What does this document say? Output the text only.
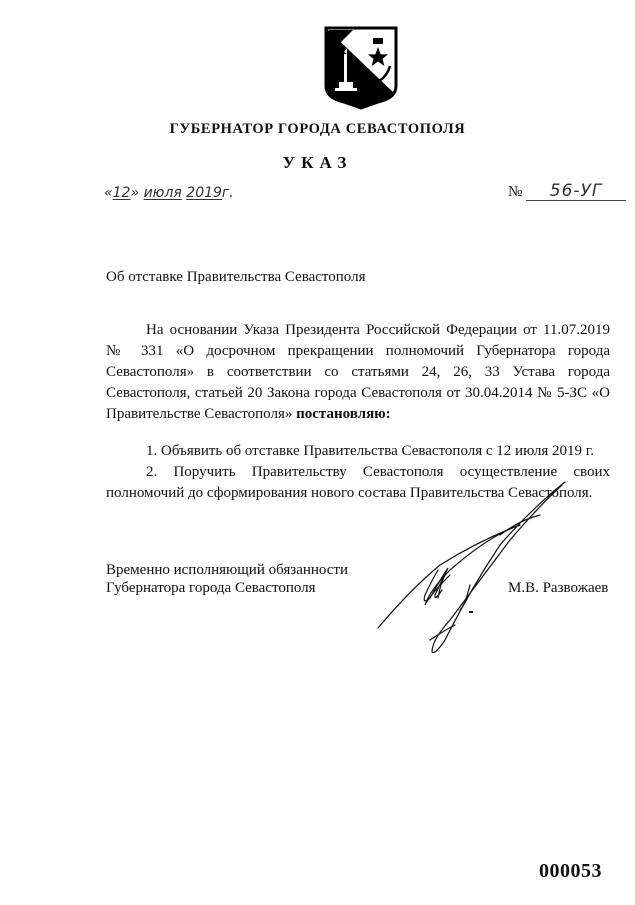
ГУБЕРНАТОР ГОРОДА СЕВАСТОПОЛЯ
УКАЗ
«12» июля 2019г.	№ 56-УГ
Об отставке Правительства Севастополя
На основании Указа Президента Российской Федерации от 11.07.2019 № 331 «О досрочном прекращении полномочий Губернатора города Севастополя» в соответствии со статьями 24, 26, 33 Устава города Севастополя, статьей 20 Закона города Севастополя от 30.04.2014 № 5-ЗС «О Правительстве Севастополя» постановляю:
1. Объявить об отставке Правительства Севастополя с 12 июля 2019 г.
2. Поручить Правительству Севастополя осуществление своих полномочий до сформирования нового состава Правительства Севастополя.
Временно исполняющий обязанности
Губернатора города Севастополя	М.В. Развожаев
000053
